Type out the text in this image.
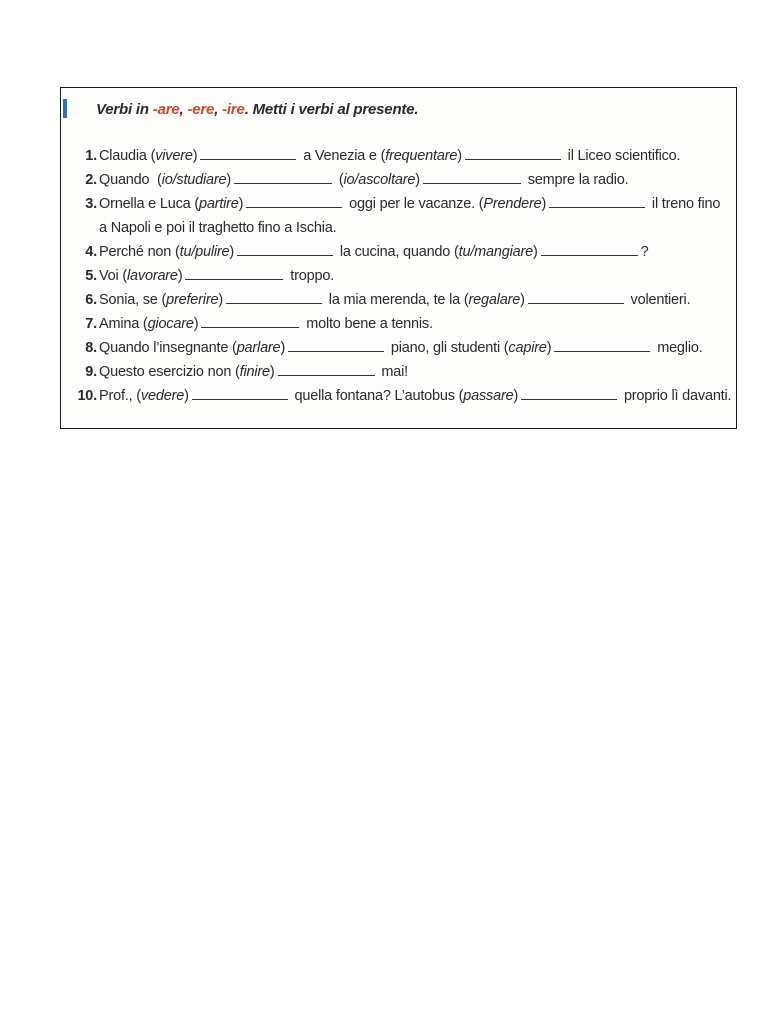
Verbi in -are, -ere, -ire. Metti i verbi al presente.
1. Claudia (vivere)	a Venezia e (frequentare)	il Liceo scientifico.
2. Quando  (io/studiare)	(io/ascoltare)	sempre la radio.
3. Ornella e Luca (partire)	oggi per le vacanze. (Prendere)	il treno fino
a Napoli e poi il traghetto fino a Ischia.
4. Perché non (tu/pulire)	la cucina, quando (tu/mangiare)	?
5. Voi (lavorare)	troppo.
6. Sonia, se (preferire)	la mia merenda, te la (regalare)	volentieri.
7. Amina (giocare)	molto bene a tennis.
8. Quando l’insegnante (parlare)	piano, gli studenti (capire)	meglio.
9. Questo esercizio non (finire)	mai!
10. Prof., (vedere)	quella fontana? L’autobus (passare)	proprio lì davanti.
